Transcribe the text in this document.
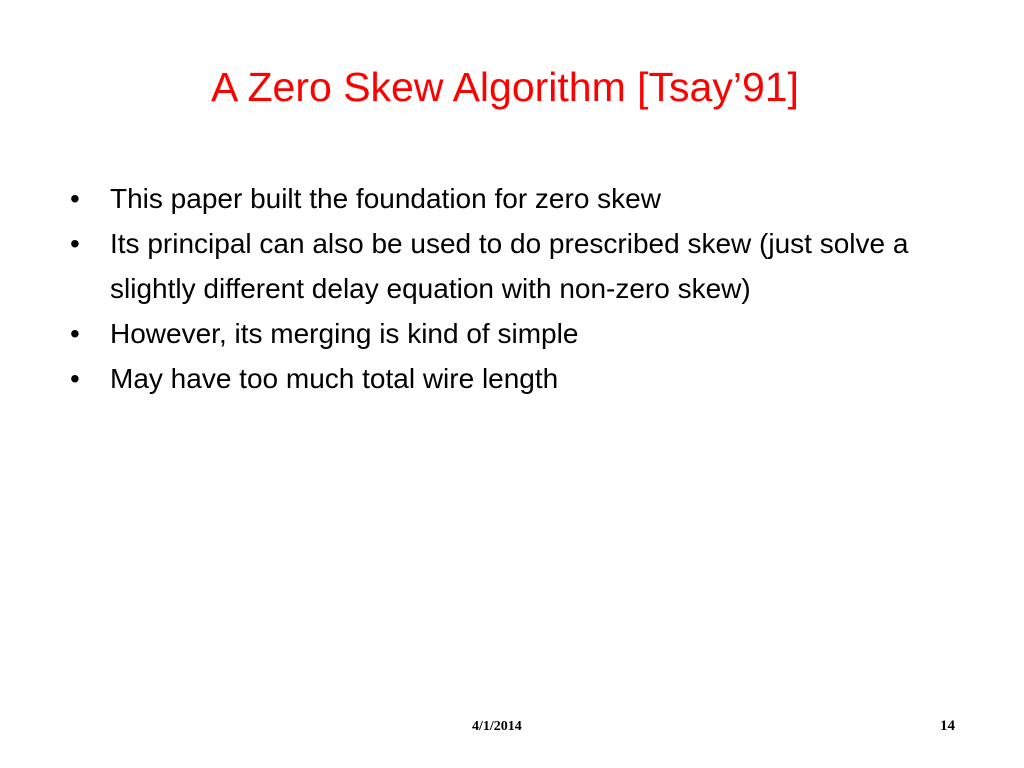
A Zero Skew Algorithm [Tsay’91]
•	This paper built the foundation for zero skew
•	Its principal can also be used to do prescribed skew (just solve a slightly different delay equation with non-zero skew)
•	However, its merging is kind of simple
•	May have too much total wire length
4/1/2014	14
